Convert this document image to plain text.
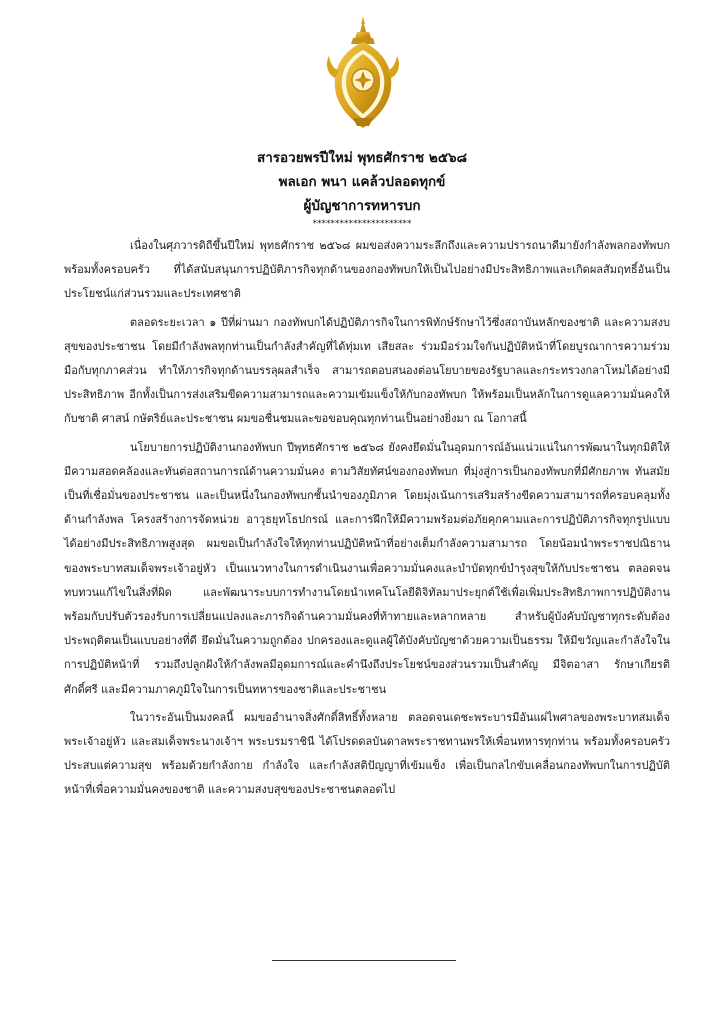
สารอวยพรปีใหม่ พุทธศักราช ๒๕๖๘
พลเอก พนา แคล้วปลอดทุกข์
ผู้บัญชาการทหารบก
**********************

เนื่องในศุภวารดิถีขึ้นปีใหม่ พุทธศักราช ๒๕๖๘ ผมขอส่งความระลึกถึงและความปรารถนาดีมายังกำลังพลกองทัพบก พร้อมทั้งครอบครัว ที่ได้สนับสนุนการปฏิบัติภารกิจทุกด้านของกองทัพบกให้เป็นไปอย่างมีประสิทธิภาพและเกิดผลสัมฤทธิ์อันเป็นประโยชน์แก่ส่วนรวมและประเทศชาติ

ตลอดระยะเวลา ๑ ปีที่ผ่านมา กองทัพบกได้ปฏิบัติภารกิจในการพิทักษ์รักษาไว้ซึ่งสถาบันหลักของชาติ และความสงบสุขของประชาชน โดยมีกำลังพลทุกท่านเป็นกำลังสำคัญที่ได้ทุ่มเท เสียสละ ร่วมมือร่วมใจกันปฏิบัติหน้าที่โดยบูรณาการความร่วมมือกับทุกภาคส่วน ทำให้ภารกิจทุกด้านบรรลุผลสำเร็จ สามารถตอบสนองต่อนโยบายของรัฐบาลและกระทรวงกลาโหมได้อย่างมีประสิทธิภาพ อีกทั้งเป็นการส่งเสริมขีดความสามารถและความเข้มแข็งให้กับกองทัพบก ให้พร้อมเป็นหลักในการดูแลความมั่นคงให้กับชาติ ศาสน์ กษัตริย์และประชาชน ผมขอชื่นชมและขอขอบคุณทุกท่านเป็นอย่างยิ่งมา ณ โอกาสนี้

นโยบายการปฏิบัติงานกองทัพบก ปีพุทธศักราช ๒๕๖๘ ยังคงยึดมั่นในอุดมการณ์อันแน่วแน่ในการพัฒนาในทุกมิติให้มีความสอดคล้องและทันต่อสถานการณ์ด้านความมั่นคง ตามวิสัยทัศน์ของกองทัพบก ที่มุ่งสู่การเป็นกองทัพบกที่มีศักยภาพ ทันสมัย เป็นที่เชื่อมั่นของประชาชน และเป็นหนึ่งในกองทัพบกชั้นนำของภูมิภาค โดยมุ่งเน้นการเสริมสร้างขีดความสามารถที่ครอบคลุมทั้งด้านกำลังพล โครงสร้างการจัดหน่วย อาวุธยุทโธปกรณ์ และการฝึกให้มีความพร้อมต่อภัยคุกคามและการปฏิบัติภารกิจทุกรูปแบบได้อย่างมีประสิทธิภาพสูงสุด ผมขอเป็นกำลังใจให้ทุกท่านปฏิบัติหน้าที่อย่างเต็มกำลังความสามารถ โดยน้อมนำพระราชปณิธานของพระบาทสมเด็จพระเจ้าอยู่หัว เป็นแนวทางในการดำเนินงานเพื่อความมั่นคงและบำบัดทุกข์บำรุงสุขให้กับประชาชน ตลอดจนทบทวนแก้ไขในสิ่งที่ผิด และพัฒนาระบบการทำงานโดยนำเทคโนโลยีดิจิทัลมาประยุกต์ใช้เพื่อเพิ่มประสิทธิภาพการปฏิบัติงาน พร้อมกับปรับตัวรองรับการเปลี่ยนแปลงและภารกิจด้านความมั่นคงที่ท้าทายและหลากหลาย สำหรับผู้บังคับบัญชาทุกระดับต้องประพฤติตนเป็นแบบอย่างที่ดี ยึดมั่นในความถูกต้อง ปกครองและดูแลผู้ใต้บังคับบัญชาด้วยความเป็นธรรม ให้มีขวัญและกำลังใจในการปฏิบัติหน้าที่ รวมถึงปลูกฝังให้กำลังพลมีอุดมการณ์และคำนึงถึงประโยชน์ของส่วนรวมเป็นสำคัญ มีจิตอาสา รักษาเกียรติ ศักดิ์ศรี และมีความภาคภูมิใจในการเป็นทหารของชาติและประชาชน

ในวาระอันเป็นมงคลนี้ ผมขออำนาจสิ่งศักดิ์สิทธิ์ทั้งหลาย ตลอดจนเดชะพระบารมีอันแผ่ไพศาลของพระบาทสมเด็จพระเจ้าอยู่หัว และสมเด็จพระนางเจ้าฯ พระบรมราชินี ได้โปรดดลบันดาลพระราชทานพรให้เพื่อนทหารทุกท่าน พร้อมทั้งครอบครัว ประสบแต่ความสุข พร้อมด้วยกำลังกาย กำลังใจ และกำลังสติปัญญาที่เข้มแข็ง เพื่อเป็นกลไกขับเคลื่อนกองทัพบกในการปฏิบัติหน้าที่เพื่อความมั่นคงของชาติ และความสงบสุขของประชาชนตลอดไป
